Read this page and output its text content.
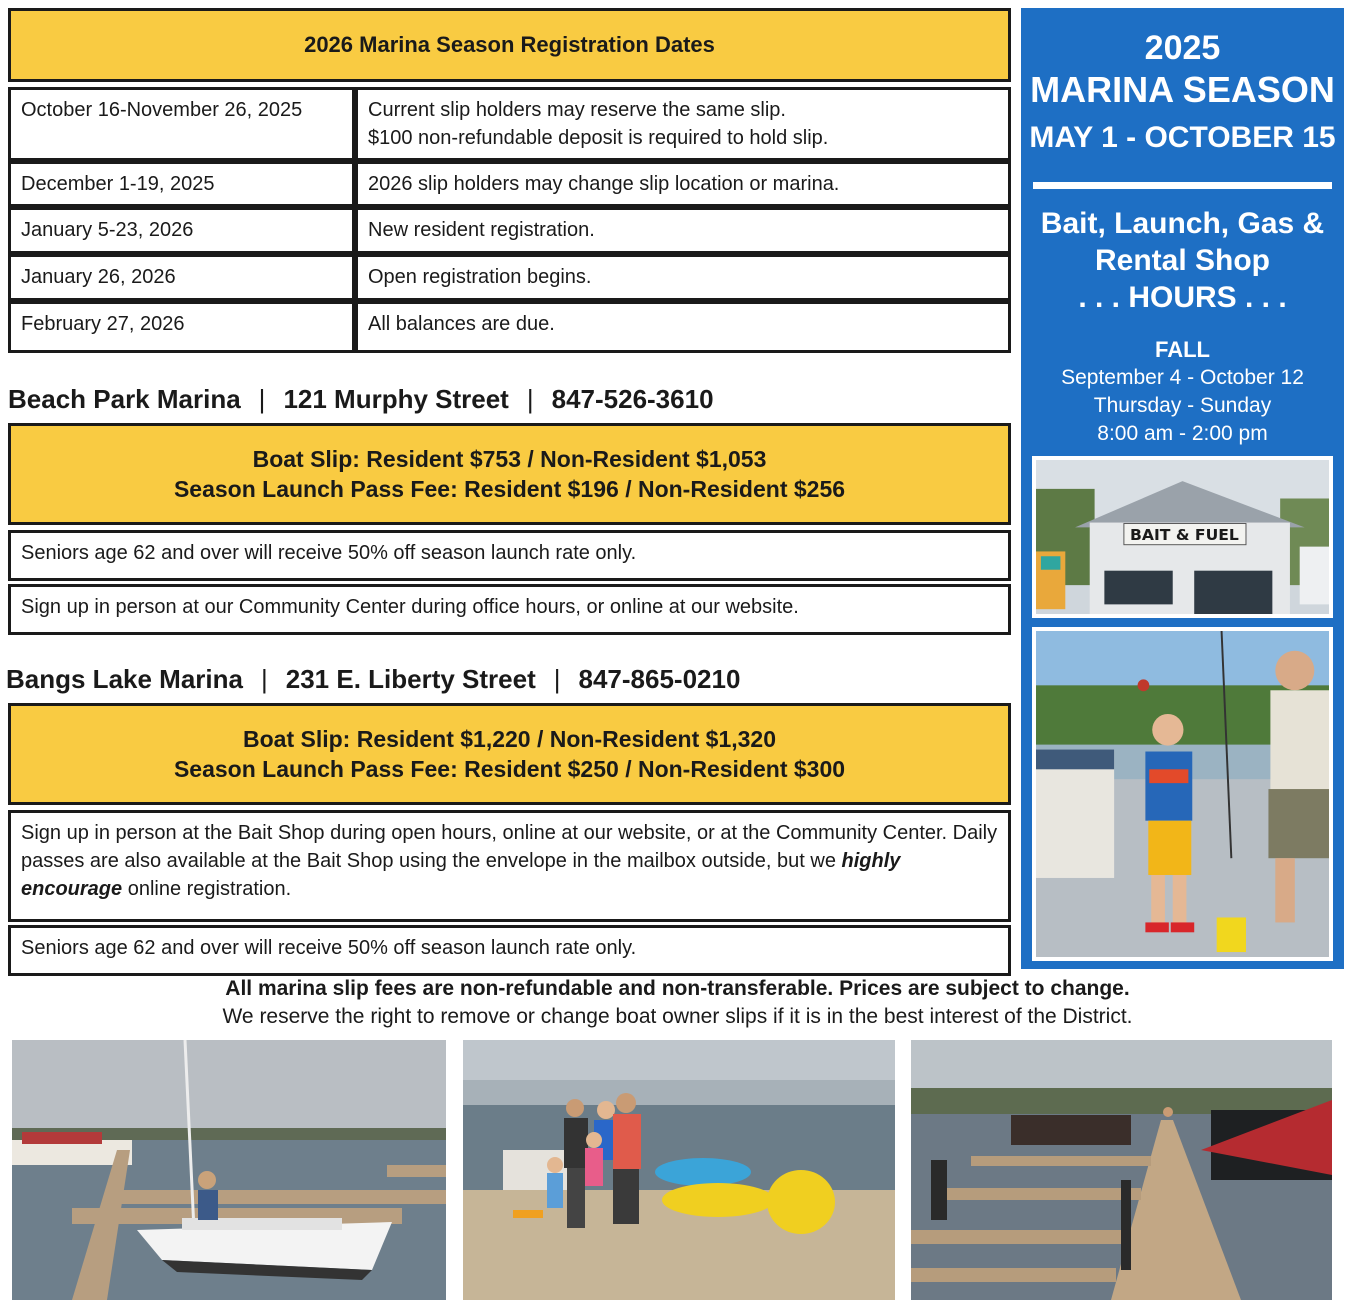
2026 Marina Season Registration Dates
October 16-November 26, 2025	Current slip holders may reserve the same slip.
$100 non-refundable deposit is required to hold slip.

December 1-19, 2025	2026 slip holders may change slip location or marina.

January 5-23, 2026	New resident registration.

January 26, 2026	Open registration begins.

February 27, 2026	All balances are due.
Beach Park Marina | 121 Murphy Street | 847-526-3610
Boat Slip: Resident $753 / Non-Resident $1,053
Season Launch Pass Fee: Resident $196 / Non-Resident $256
Seniors age 62 and over will receive 50% off season launch rate only.
Sign up in person at our Community Center during office hours, or online at our website.
Bangs Lake Marina | 231 E. Liberty Street | 847-865-0210
Boat Slip: Resident $1,220 / Non-Resident $1,320
Season Launch Pass Fee: Resident $250 / Non-Resident $300
Sign up in person at the Bait Shop during open hours, online at our website, or at the Community Center. Daily passes are also available at the Bait Shop using the envelope in the mailbox outside, but we highly encourage online registration.
Seniors age 62 and over will receive 50% off season launch rate only.
All marina slip fees are non-refundable and non-transferable. Prices are subject to change.
We reserve the right to remove or change boat owner slips if it is in the best interest of the District.
2025
MARINA SEASON
MAY 1 - OCTOBER 15
Bait, Launch, Gas &
Rental Shop
. . . HOURS . . .
FALL
September 4 - October 12
Thursday - Sunday
8:00 am - 2:00 pm
BAIT & FUEL
